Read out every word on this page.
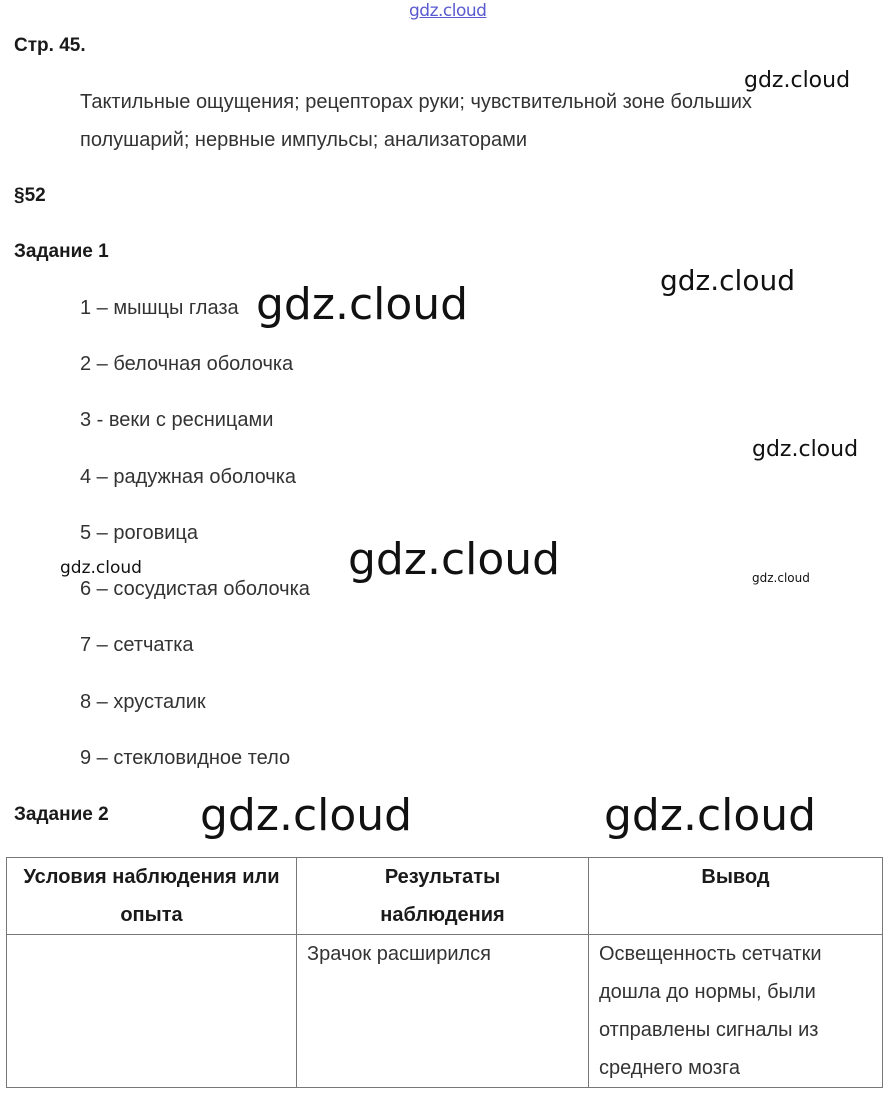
gdz.cloud
gdz.cloud
gdz.cloud
gdz.cloud
gdz.cloud
gdz.cloud
gdz.cloud	gdz.cloud
gdz.cloud	gdz.cloud
Стр. 45.
Тактильные ощущения; рецепторах руки; чувствительной зоне больших
полушарий; нервные импульсы; анализаторами
§52
Задание 1
1 – мышцы глаза
2 – белочная оболочка
3 - веки с ресницами
4 – радужная оболочка
5 – роговица
6 – сосудистая оболочка
7 – сетчатка
8 – хрусталик
9 – стекловидное тело
Задание 2
Условия наблюдения или опыта	Результаты наблюдения	Вывод
	Зрачок расширился	Освещенность сетчатки дошла до нормы, были отправлены сигналы из среднего мозга
